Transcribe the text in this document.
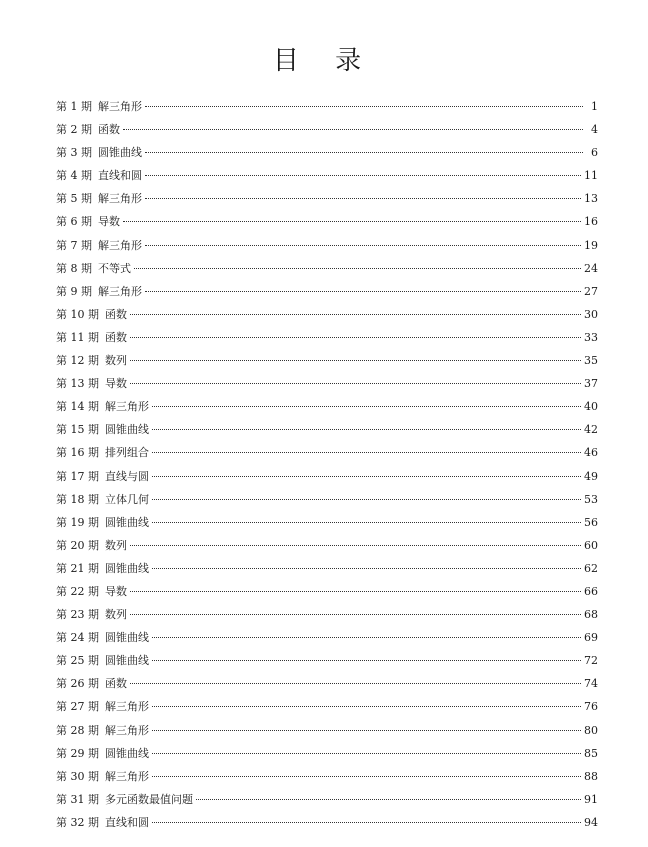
目 录
第 1 期 解三角形	1
第 2 期 函数	4
第 3 期 圆锥曲线	6
第 4 期 直线和圆	11
第 5 期 解三角形	13
第 6 期 导数	16
第 7 期 解三角形	19
第 8 期 不等式	24
第 9 期 解三角形	27
第 10 期 函数	30
第 11 期 函数	33
第 12 期 数列	35
第 13 期 导数	37
第 14 期 解三角形	40
第 15 期 圆锥曲线	42
第 16 期 排列组合	46
第 17 期 直线与圆	49
第 18 期 立体几何	53
第 19 期 圆锥曲线	56
第 20 期 数列	60
第 21 期 圆锥曲线	62
第 22 期 导数	66
第 23 期 数列	68
第 24 期 圆锥曲线	69
第 25 期 圆锥曲线	72
第 26 期 函数	74
第 27 期 解三角形	76
第 28 期 解三角形	80
第 29 期 圆锥曲线	85
第 30 期 解三角形	88
第 31 期 多元函数最值问题	91
第 32 期 直线和圆	94
